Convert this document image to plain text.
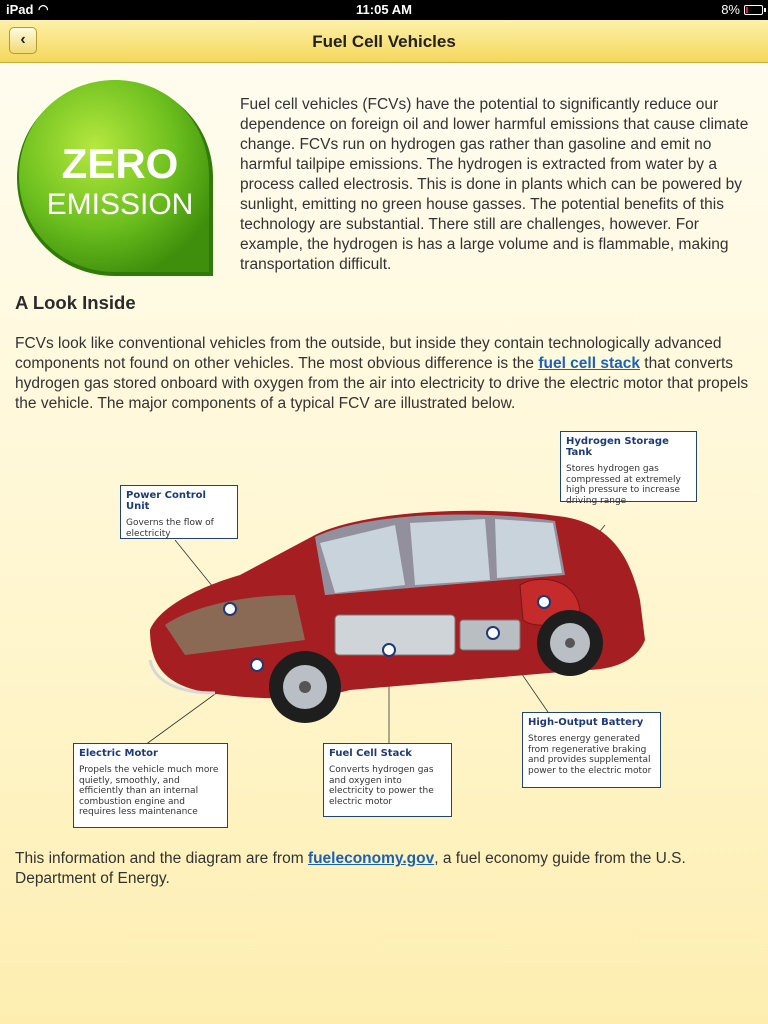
iPad ◠	11:05 AM	8%
‹	Fuel Cell Vehicles
ZERO
EMISSION
Fuel cell vehicles (FCVs) have the potential to significantly reduce our dependence on foreign oil and lower harmful emissions that cause climate change. FCVs run on hydrogen gas rather than gasoline and emit no harmful tailpipe emissions. The hydrogen is extracted from water by a process called electrosis. This is done in plants which can be powered by sunlight, emitting no green house gasses. The potential benefits of this technology are substantial. There still are challenges, however. For example, the hydrogen is has a large volume and is flammable, making transportation difficult.
A Look Inside
FCVs look like conventional vehicles from the outside, but inside they contain technologically advanced components not found on other vehicles. The most obvious difference is the fuel cell stack that converts hydrogen gas stored onboard with oxygen from the air into electricity to drive the electric motor that propels the vehicle. The major components of a typical FCV are illustrated below.
Hydrogen Storage Tank
Stores hydrogen gas compressed at extremely high pressure to increase driving range
Power Control Unit
Governs the flow of electricity
Electric Motor
Propels the vehicle much more quietly, smoothly, and efficiently than an internal combustion engine and requires less maintenance
Fuel Cell Stack
Converts hydrogen gas and oxygen into electricity to power the electric motor
High-Output Battery
Stores energy generated from regenerative braking and provides supplemental power to the electric motor
This information and the diagram are from fueleconomy.gov, a fuel economy guide from the U.S. Department of Energy.
